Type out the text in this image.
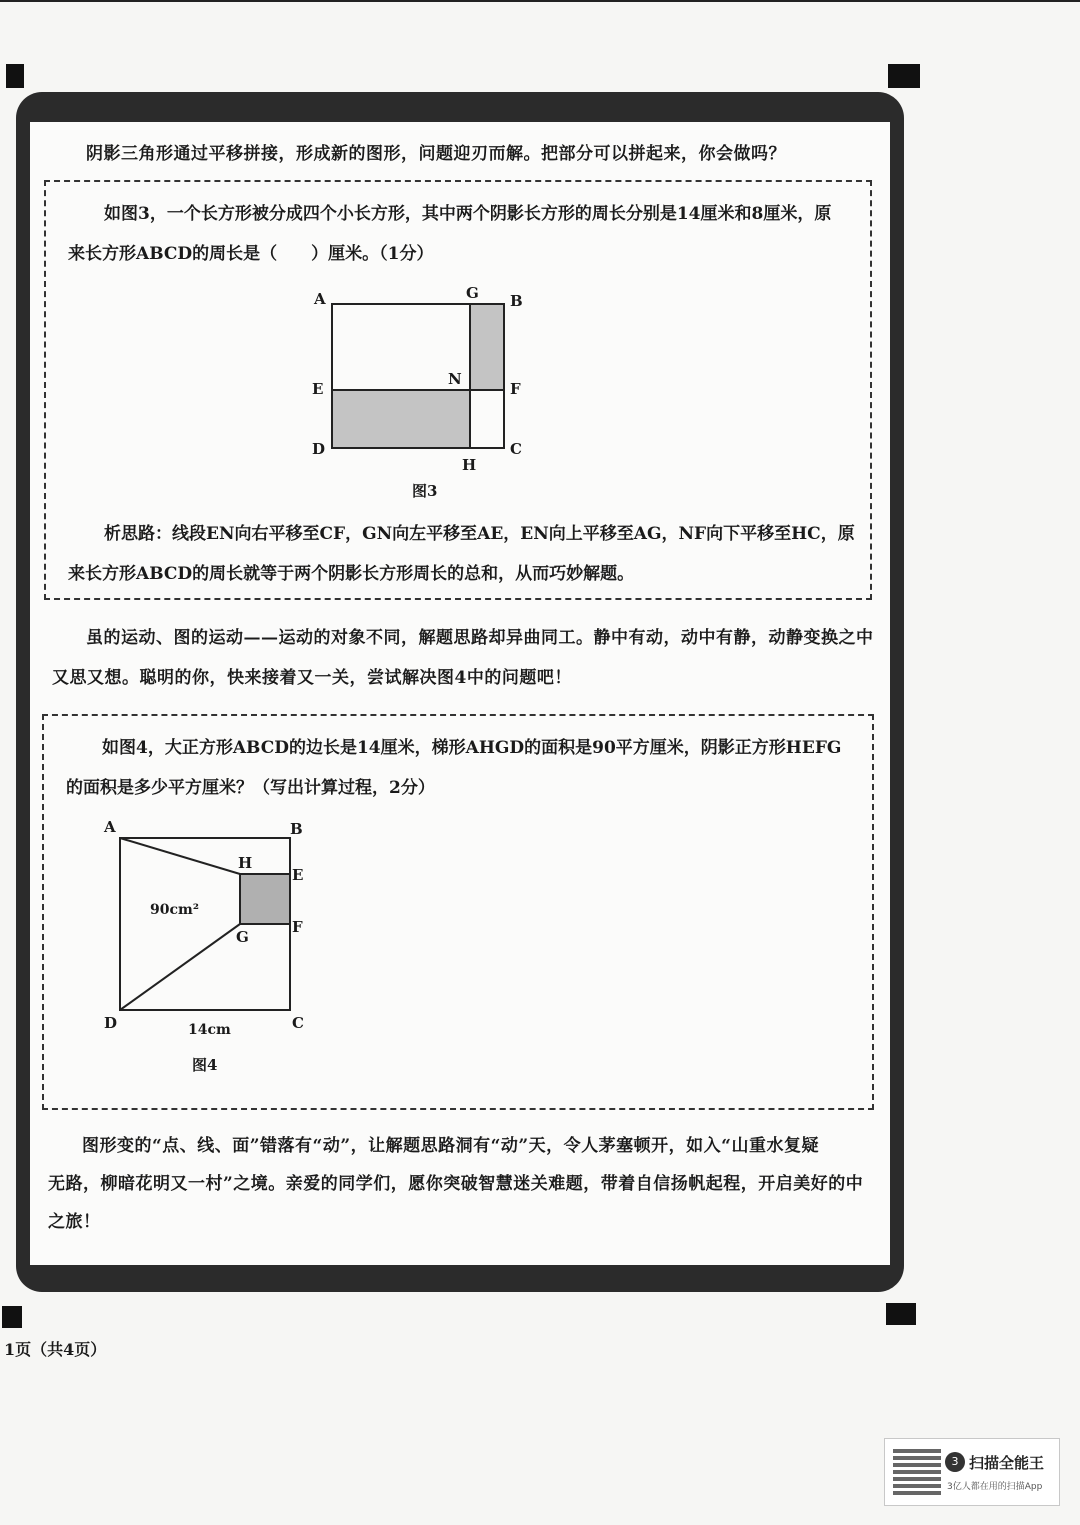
阴影三角形通过平移拼接，形成新的图形，问题迎刃而解。把部分可以拼起来，你会做吗？
如图3，一个长方形被分成四个小长方形，其中两个阴影长方形的周长分别是14厘米和8厘米，原
来长方形ABCD的周长是（　　）厘米。（1分）
A	G B
E
N
F
D
H
C
图3
析思路：线段EN向右平移至CF，GN向左平移至AE，EN向上平移至AG，NF向下平移至HC，原
来长方形ABCD的周长就等于两个阴影长方形周长的总和，从而巧妙解题。
虽的运动、图的运动——运动的对象不同，解题思路却异曲同工。静中有动，动中有静，动静变换之中
又思又想。聪明的你，快来接着又一关，尝试解决图4中的问题吧！
如图4，大正方形ABCD的边长是14厘米，梯形AHGD的面积是90平方厘米，阴影正方形HEFG
的面积是多少平方厘米？（写出计算过程，2分）
A	B
H
E
90cm²
G
F
D	C
14cm
图4
图形变的“点、线、面”错落有“动”，让解题思路洞有“动”天，令人茅塞顿开，如入“山重水复疑
无路，柳暗花明又一村”之境。亲爱的同学们，愿你突破智慧迷关难题，带着自信扬帆起程，开启美好的中
之旅！
1页（共4页）
3 扫描全能王
3亿人都在用的扫描App
